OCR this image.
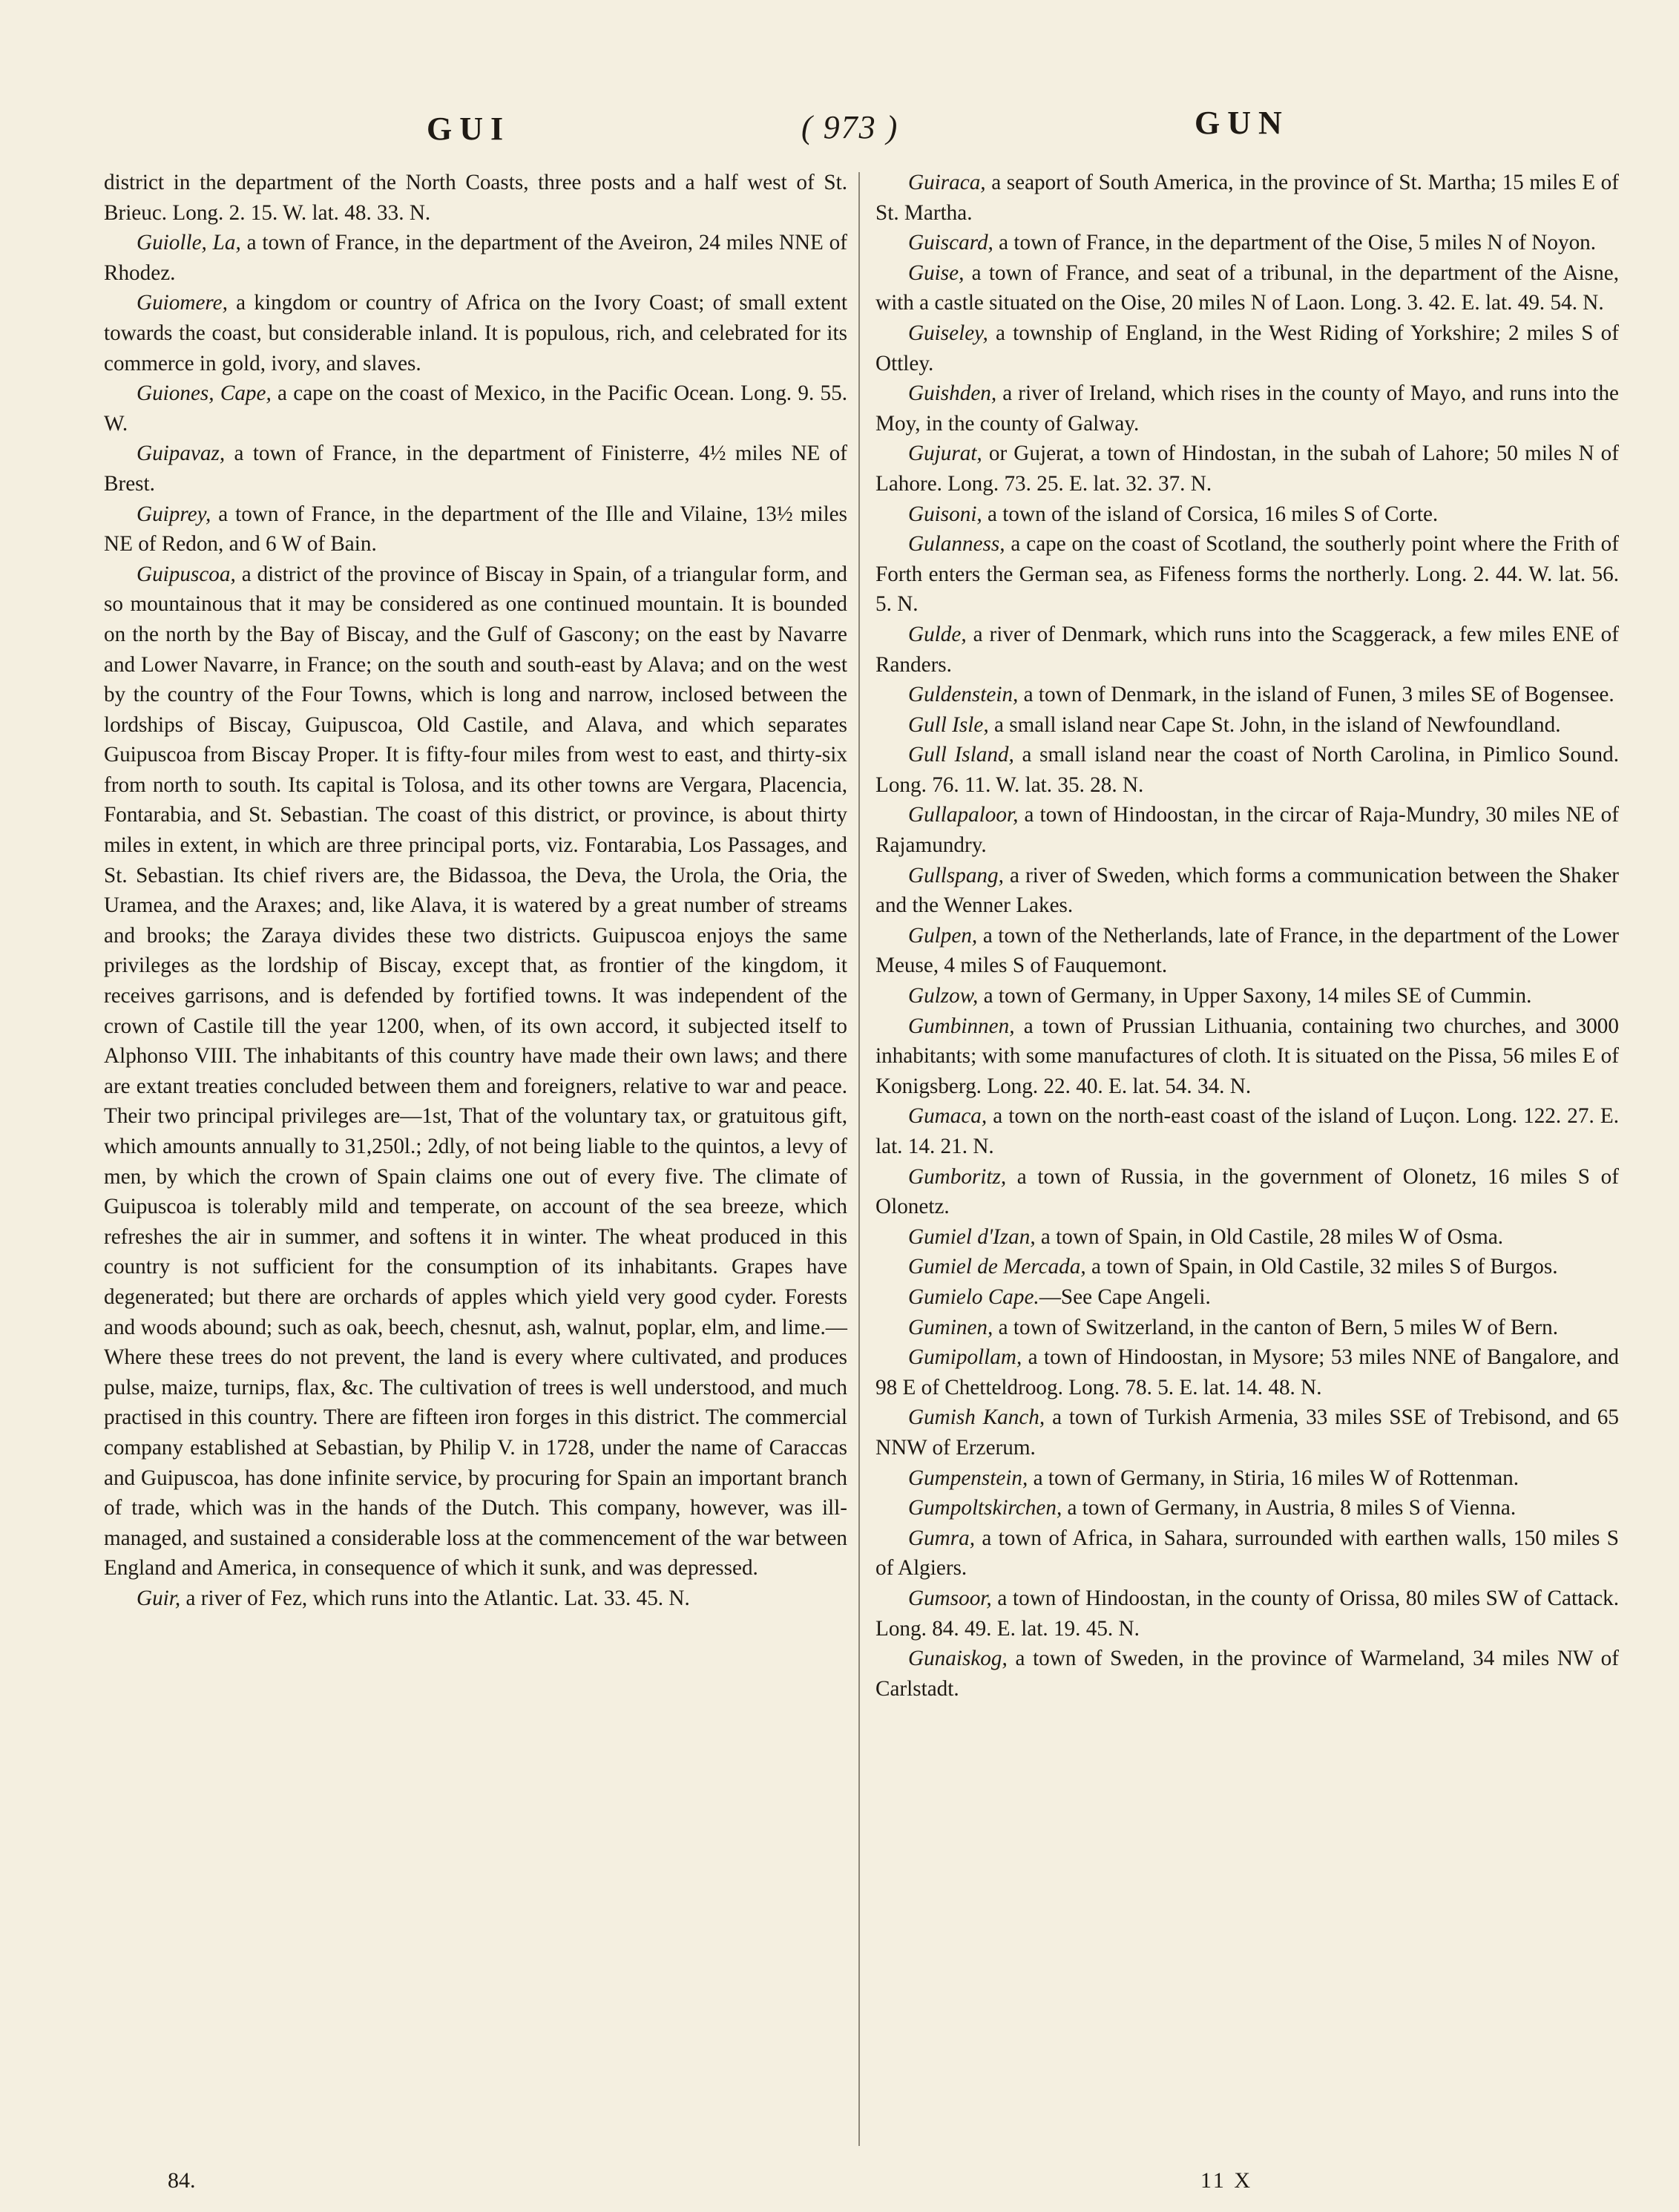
GUI	( 973 )	GUN

district in the department of the North Coasts, three posts and a half west of St. Brieuc. Long. 2. 15. W. lat. 48. 33. N.

Guiolle, La, a town of France, in the department of the Aveiron, 24 miles NNE of Rhodez.

Guiomere, a kingdom or country of Africa on the Ivory Coast; of small extent towards the coast, but considerable inland. It is populous, rich, and celebrated for its commerce in gold, ivory, and slaves.

Guiones, Cape, a cape on the coast of Mexico, in the Pacific Ocean. Long. 9. 55. W.

Guipavaz, a town of France, in the department of Finisterre, 4½ miles NE of Brest.

Guiprey, a town of France, in the department of the Ille and Vilaine, 13½ miles NE of Redon, and 6 W of Bain.

Guipuscoa, a district of the province of Biscay in Spain, of a triangular form, and so mountainous that it may be considered as one continued mountain. It is bounded on the north by the Bay of Biscay, and the Gulf of Gascony; on the east by Navarre and Lower Navarre, in France; on the south and south-east by Alava; and on the west by the country of the Four Towns, which is long and narrow, inclosed between the lordships of Biscay, Guipuscoa, Old Castile, and Alava, and which separates Guipuscoa from Biscay Proper. It is fifty-four miles from west to east, and thirty-six from north to south. Its capital is Tolosa, and its other towns are Vergara, Placencia, Fontarabia, and St. Sebastian. The coast of this district, or province, is about thirty miles in extent, in which are three principal ports, viz. Fontarabia, Los Passages, and St. Sebastian. Its chief rivers are, the Bidassoa, the Deva, the Urola, the Oria, the Uramea, and the Araxes; and, like Alava, it is watered by a great number of streams and brooks; the Zaraya divides these two districts. Guipuscoa enjoys the same privileges as the lordship of Biscay, except that, as frontier of the kingdom, it receives garrisons, and is defended by fortified towns. It was independent of the crown of Castile till the year 1200, when, of its own accord, it subjected itself to Alphonso VIII. The inhabitants of this country have made their own laws; and there are extant treaties concluded between them and foreigners, relative to war and peace. Their two principal privileges are—1st, That of the voluntary tax, or gratuitous gift, which amounts annually to 31,250l.; 2dly, of not being liable to the quintos, a levy of men, by which the crown of Spain claims one out of every five. The climate of Guipuscoa is tolerably mild and temperate, on account of the sea breeze, which refreshes the air in summer, and softens it in winter. The wheat produced in this country is not sufficient for the consumption of its inhabitants. Grapes have degenerated; but there are orchards of apples which yield very good cyder. Forests and woods abound; such as oak, beech, chesnut, ash, walnut, poplar, elm, and lime.—Where these trees do not prevent, the land is every where cultivated, and produces pulse, maize, turnips, flax, &c. The cultivation of trees is well understood, and much practised in this country. There are fifteen iron forges in this district. The commercial company established at Sebastian, by Philip V. in 1728, under the name of Caraccas and Guipuscoa, has done infinite service, by procuring for Spain an important branch of trade, which was in the hands of the Dutch. This company, however, was ill-managed, and sustained a considerable loss at the commencement of the war between England and America, in consequence of which it sunk, and was depressed.

Guir, a river of Fez, which runs into the Atlantic. Lat. 33. 45. N.

Guiraca, a seaport of South America, in the province of St. Martha; 15 miles E of St. Martha.

Guiscard, a town of France, in the department of the Oise, 5 miles N of Noyon.

Guise, a town of France, and seat of a tribunal, in the department of the Aisne, with a castle situated on the Oise, 20 miles N of Laon. Long. 3. 42. E. lat. 49. 54. N.

Guiseley, a township of England, in the West Riding of Yorkshire; 2 miles S of Ottley.

Guishden, a river of Ireland, which rises in the county of Mayo, and runs into the Moy, in the county of Galway.

Gujurat, or Gujerat, a town of Hindostan, in the subah of Lahore; 50 miles N of Lahore. Long. 73. 25. E. lat. 32. 37. N.

Guisoni, a town of the island of Corsica, 16 miles S of Corte.

Gulanness, a cape on the coast of Scotland, the southerly point where the Frith of Forth enters the German sea, as Fifeness forms the northerly. Long. 2. 44. W. lat. 56. 5. N.

Gulde, a river of Denmark, which runs into the Scaggerack, a few miles ENE of Randers.

Guldenstein, a town of Denmark, in the island of Funen, 3 miles SE of Bogensee.

Gull Isle, a small island near Cape St. John, in the island of Newfoundland.

Gull Island, a small island near the coast of North Carolina, in Pimlico Sound. Long. 76. 11. W. lat. 35. 28. N.

Gullapaloor, a town of Hindoostan, in the circar of Raja-Mundry, 30 miles NE of Rajamundry.

Gullspang, a river of Sweden, which forms a communication between the Shaker and the Wenner Lakes.

Gulpen, a town of the Netherlands, late of France, in the department of the Lower Meuse, 4 miles S of Fauquemont.

Gulzow, a town of Germany, in Upper Saxony, 14 miles SE of Cummin.

Gumbinnen, a town of Prussian Lithuania, containing two churches, and 3000 inhabitants; with some manufactures of cloth. It is situated on the Pissa, 56 miles E of Konigsberg. Long. 22. 40. E. lat. 54. 34. N.

Gumaca, a town on the north-east coast of the island of Luçon. Long. 122. 27. E. lat. 14. 21. N.

Gumboritz, a town of Russia, in the government of Olonetz, 16 miles S of Olonetz.

Gumiel d'Izan, a town of Spain, in Old Castile, 28 miles W of Osma.

Gumiel de Mercada, a town of Spain, in Old Castile, 32 miles S of Burgos.

Gumielo Cape.—See Cape Angeli.

Guminen, a town of Switzerland, in the canton of Bern, 5 miles W of Bern.

Gumipollam, a town of Hindoostan, in Mysore; 53 miles NNE of Bangalore, and 98 E of Chetteldroog. Long. 78. 5. E. lat. 14. 48. N.

Gumish Kanch, a town of Turkish Armenia, 33 miles SSE of Trebisond, and 65 NNW of Erzerum.

Gumpenstein, a town of Germany, in Stiria, 16 miles W of Rottenman.

Gumpoltskirchen, a town of Germany, in Austria, 8 miles S of Vienna.

Gumra, a town of Africa, in Sahara, surrounded with earthen walls, 150 miles S of Algiers.

Gumsoor, a town of Hindoostan, in the county of Orissa, 80 miles SW of Cattack. Long. 84. 49. E. lat. 19. 45. N.

Gunaiskog, a town of Sweden, in the province of Warmeland, 34 miles NW of Carlstadt.

84.	11 X
